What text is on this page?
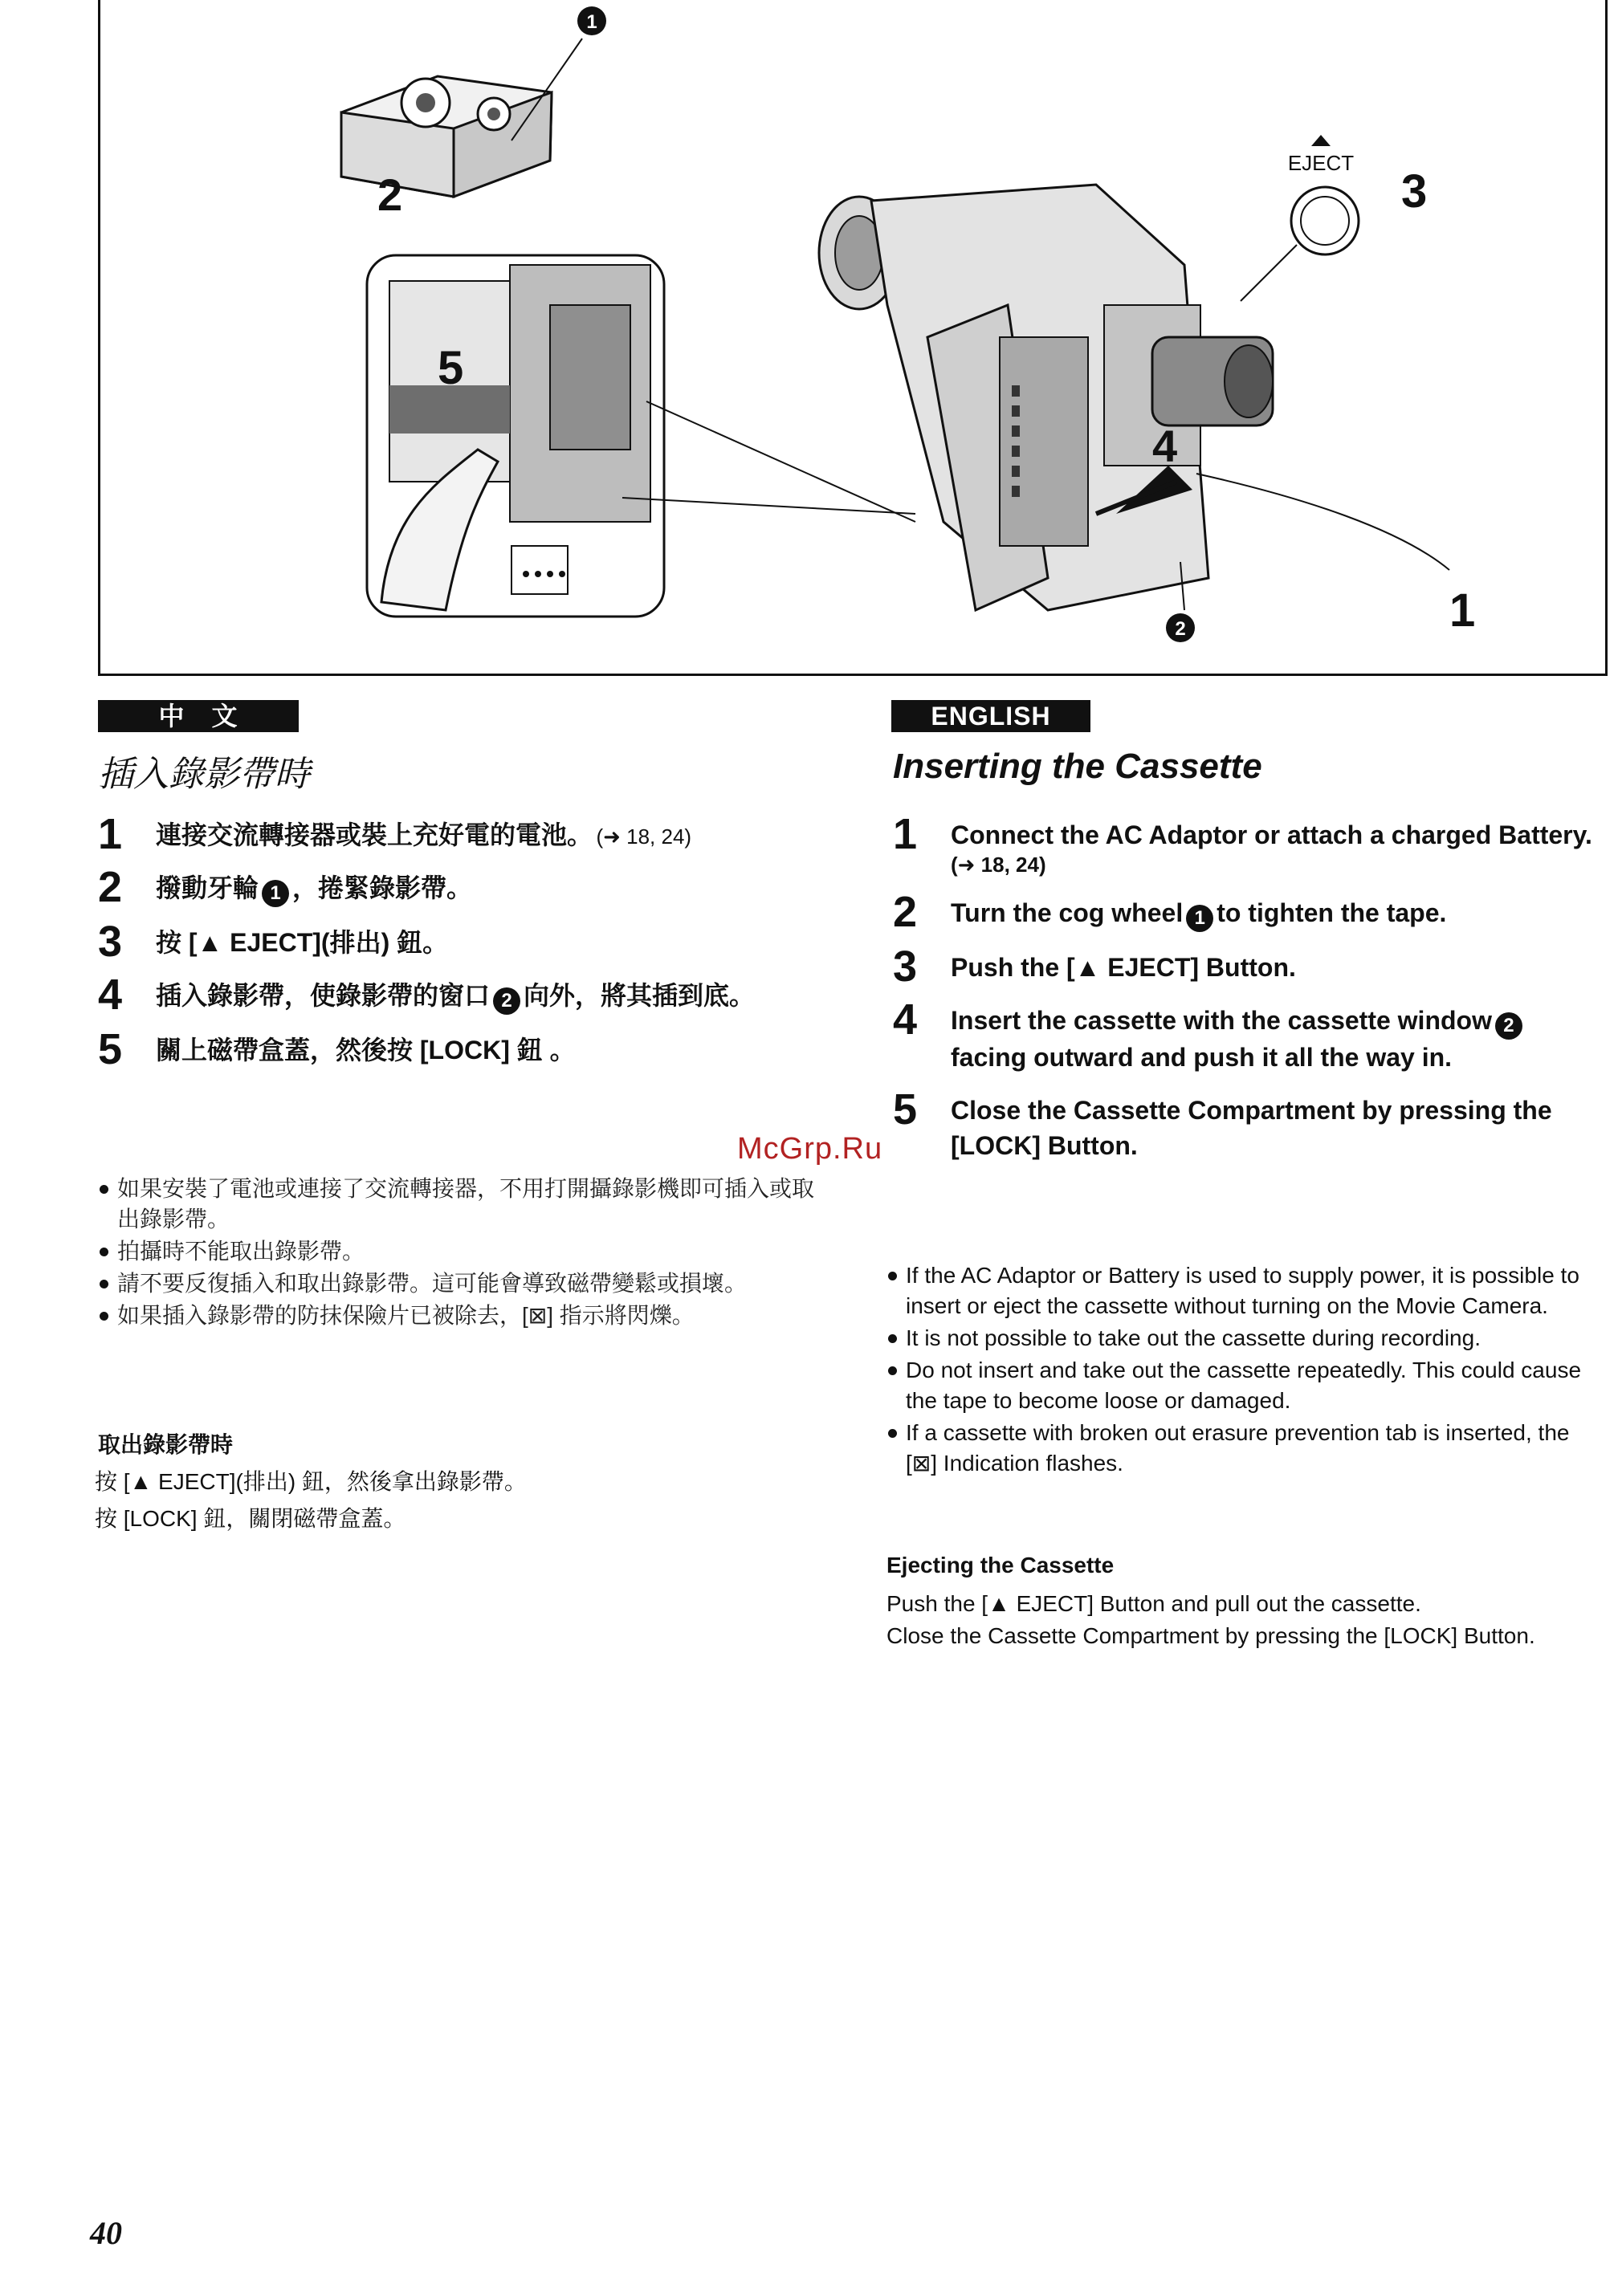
1
2
5
4
EJECT
3
1
2
中　文
插入錄影帶時
1 連接交流轉接器或裝上充好電的電池。 (➜ 18, 24)
2 撥動牙輪 1 ，捲緊錄影帶。
3 按 [▲ EJECT](排出) 鈕。
4 插入錄影帶，使錄影帶的窗口 2 向外，將其插到底。
5 關上磁帶盒蓋，然後按 [LOCK] 鈕 。
如果安裝了電池或連接了交流轉接器，不用打開攝錄影機即可插入或取出錄影帶。
拍攝時不能取出錄影帶。
請不要反復插入和取出錄影帶。這可能會導致磁帶變鬆或損壞。
如果插入錄影帶的防抹保險片已被除去，[⊠] 指示將閃爍。
取出錄影帶時
按 [▲ EJECT](排出) 鈕，然後拿出錄影帶。
按 [LOCK] 鈕，關閉磁帶盒蓋。
ENGLISH
Inserting the Cassette
1 Connect the AC Adaptor or attach a charged Battery. (➜ 18, 24)
2 Turn the cog wheel 1 to tighten the tape.
3 Push the [▲ EJECT] Button.
4 Insert the cassette with the cassette window 2facing outward and push it all the way in.
5 Close the Cassette Compartment by pressing the [LOCK] Button.
If the AC Adaptor or Battery is used to supply power, it is possible to insert or eject the cassette without turning on the Movie Camera.
It is not possible to take out the cassette during recording.
Do not insert and take out the cassette repeatedly. This could cause the tape to become loose or damaged.
If a cassette with broken out erasure prevention tab is inserted, the [⊠] Indication flashes.
Ejecting the Cassette
Push the [▲ EJECT] Button and pull out the cassette.
Close the Cassette Compartment by pressing the [LOCK] Button.
McGrp.Ru
40
